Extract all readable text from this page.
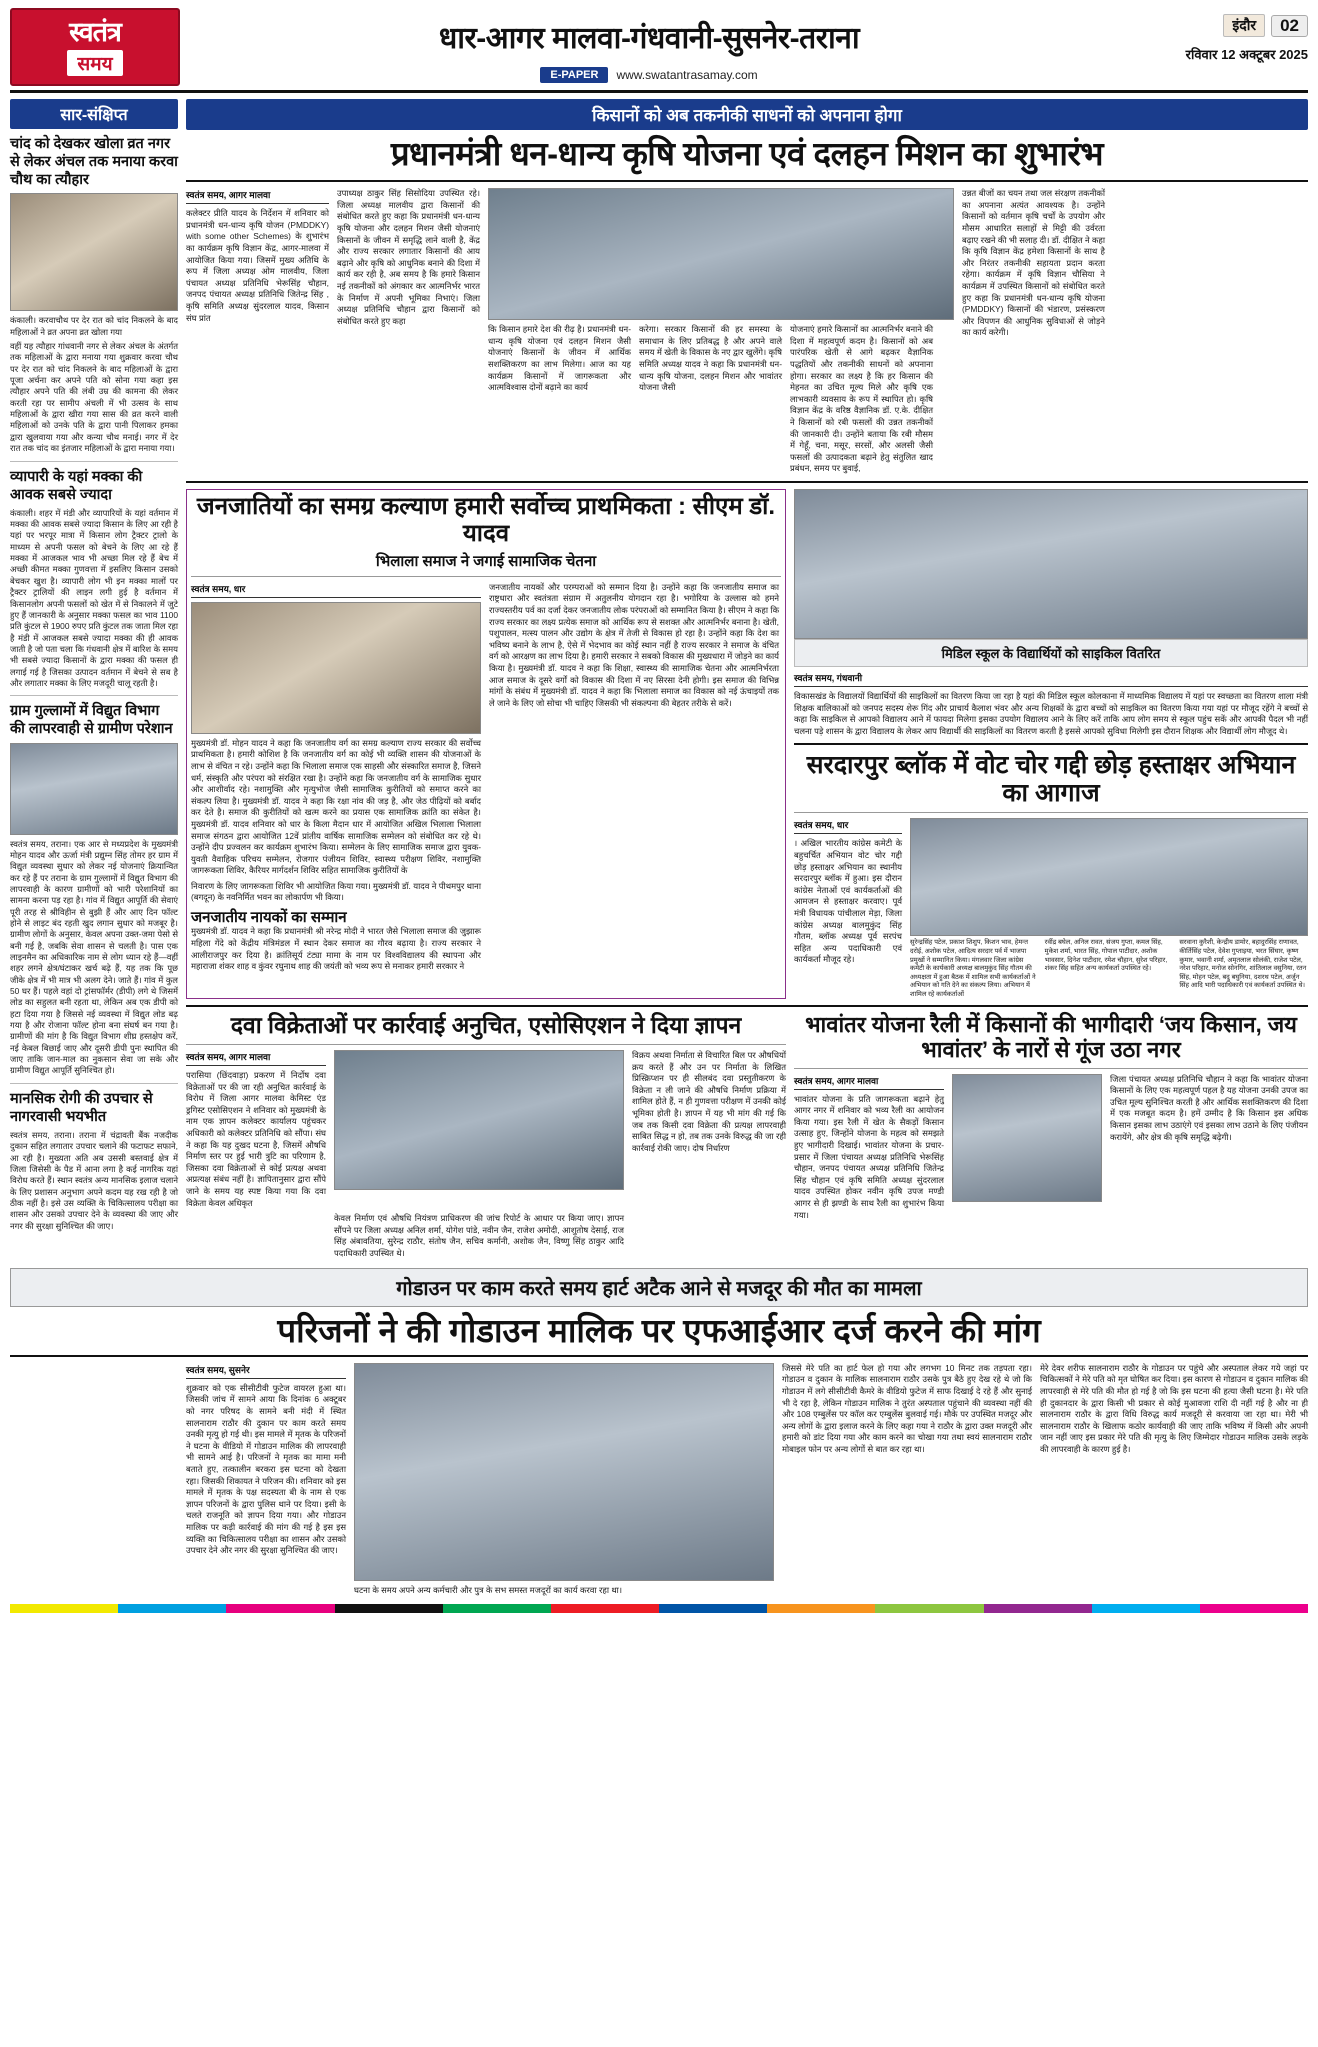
स्वतंत्र
समय
धार-आगर मालवा-गंधवानी-सुसनेर-तराना
E-PAPER	www.swatantrasamay.com
इंदौर	02
रविवार 12 अक्टूबर 2025
सार-संक्षिप्त
चांद को देखकर खोला व्रत नगर से लेकर अंचल तक मनाया करवा चौथ का त्यौहार
कंकाली। करवाचौथ पर देर रात को चांद निकलने के बाद महिलाओं ने व्रत अपना व्रत खोला गया
वहीं यह त्यौहार गांधवानी नगर से लेकर अंचल के अंतर्गत तक महिलाओं के द्वारा मनाया गया शुक्रवार करवा चौथ पर देर रात को चांद निकलने के बाद महिलाओं के द्वारा पूजा अर्चना कर अपने पति को सोना गया कहा इस त्यौहार अपने पति की लंबी उम्र की कामना की लेकर करती रहा पर सामीप अंचली में भी उत्सव के साथ महिलाओं के द्वारा खीरा गया सास की व्रत करने वाली महिलाओं को उनके पति के द्वारा पानी पिलाकर हमका द्वारा खुलवाया गया और कन्या चौथ मनाई। नगर में देर रात तक चांद का इंतजार महिलाओं के द्वारा मनाया गया।
व्यापारी के यहां मक्का की आवक सबसे ज्यादा
कंकाली। शहर में मंडी और व्यापारियों के यहां वर्तमान में मक्का की आवक सबसे ज्यादा किसान के लिए आ रही है यहां पर भरपूर मात्रा में किसान लोग ट्रैक्टर ट्रालो के माध्यम से अपनी फसल को बेचने के लिए आ रहे हैं मक्का में आजकल भाव भी अच्छा मिल रहे हैं बेच में अच्छी कीमत मक्का गुणवत्ता में इसलिए किसान उसको बेचकर खुश है। व्यापारी लोग भी इन मक्का मालों पर ट्रैक्टर ट्रालियों की लाइन लगी हुई है वर्तमान में किसानलोग अपनी फसलों को खेत में से निकालने में जुटे हुए हैं जानकारी के अनुसार मक्का फसल का भाव 1100 प्रति कुंटल से 1900 रुपए प्रति कुंटल तक जाता मिल रहा है मंडी में आजकल सबसे ज्यादा मक्का की ही आवक जाती है जो पता चला कि गंधवानी क्षेत्र में बारिश के समय भी सबसे ज्यादा किसानों के द्वारा मक्का की फसल ही लगाई गई है जिसका उत्पादन वर्तमान में बेचने से सब है और लगातार मक्का के लिए मजदूरी चालू रहती है।
ग्राम गुल्लामों में विद्युत विभाग की लापरवाही से ग्रामीण परेशान
स्वतंत्र समय, तराना। एक आर से मध्यप्रदेश के मुख्यमंत्री मोहन यादव और ऊर्जा मंत्री प्रद्युम्न सिंह तोमर हर ग्राम में विद्युत व्यवस्था सुधार को लेकर नई योजनाएं क्रियान्वित कर रहे हैं पर तराना के ग्राम गुल्लामों में विद्युत विभाग की लापरवाही के कारण ग्रामीणों को भारी परेशानियों का सामना करना पड़ रहा है। गांव में विद्युत आपूर्ति की सेवाएं पूरी तरह से श्रीविहीन से बुझी हैं और आए दिन फॉल्ट होने से लाइट बंद रहती खुद लगान सुधार को मजबूर है। ग्रामीण लोगों के अनुसार, केवल अपना उक्त-जमा पेसो से बनी गई है, जबकि सेवा शासन से चलती है। पास एक लाइनमैन का अधिकारिक नाम से लोग ध्यान रहे हैं—वहीं शहर लगने क्षेत्र/घंटाकर खर्च बढ़े हैं, यह तक कि पूछ जीके क्षेत्र में भी मात्र भी अलग देने। जाते हैं। गांव में कुल 50 घर हैं। पहले वहां दो ट्रांसफॉर्मर (डीपी) लगे थे जिसमें लोड का सहुलत बनी रहता था, लेकिन अब एक डीपी को हटा दिया गया है जिससे नई व्यवस्था में विद्युत लोड बढ़ गया है और रोजाना फॉल्ट होना बना संघर्ष बन गया है। ग्रामीणों की मांग है कि विद्युत विभाग शीघ्र हस्तक्षेप करें, नई केबल बिछाई जाए और दूसरी डीपी पुनः स्थापित की जाए ताकि जान-माल का नुकसान सेवा जा सके और ग्रामीण विद्युत आपूर्ति सुनिश्चित हो।
मानसिक रोगी की उपचार से नागरवासी भयभीत
स्वतंत्र समय, तराना। तराना में चंद्रावती बैंक नजदीक दुकान सहित लगातार उपचार चलाने की फटाफट सफाने, आ रही है। मुख्यता अति अब उससी बस्तवाई क्षेत्र में जिला जिसेसी के पैड में आना लगा है कई नागरिक यहां विरोध करते हैं। स्थान स्वतंत्र अन्य मानसिक इलाज चलाने के लिए प्रशासन अनुभाग अपने कदम यह रख रही है जो ठीक नहीं है। इसे उस व्यक्ति के चिकित्सालय परीक्षा का शासन और उसको उपचार देने के व्यवस्था की जाए और नगर की सुरक्षा सुनिश्चित की जाए।
किसानों को अब तकनीकी साधनों को अपनाना होगा
प्रधानमंत्री धन-धान्य कृषि योजना एवं दलहन मिशन का शुभारंभ
स्वतंत्र समय, आगर मालवा
कलेक्टर प्रीति यादव के निर्देशन में शनिवार को प्रधानमंत्री धन-धान्य कृषि योजन (PMDDKY) with some other Schemes) के शुभारंभ का कार्यक्रम कृषि विज्ञान केंद्र, आगर-मालवा में आयोजित किया गया। जिसमें मुख्य अतिथि के रूप में जिला अध्यक्ष ओम मालवीय, जिला पंचायत अध्यक्ष प्रतिनिधि भेरूसिंह चौहान, जनपद पंचायत अध्यक्ष प्रतिनिधि जितेन्द्र सिंह , कृषि समिति अध्यक्ष सुंदरलाल यादव, किसान संघ प्रांत
उपाध्यक्ष ठाकुर सिंह सिसोदिया उपस्थित रहे। जिला अध्यक्ष मालवीय द्वारा किसानों की संबोधित करते हुए कहा कि प्रधानमंत्री धन-धान्य कृषि योजना और दलहन मिशन जैसी योजनाएं किसानों के जीवन में समृद्धि लाने वाली है, केंद्र और राज्य सरकार लगातार किसानों की आय बढ़ाने और कृषि को आधुनिक बनाने की दिशा में कार्य कर रही है, अब समय है कि हमारे किसान नई तकनीकों को अंगकार कर आत्मनिर्भर भारत के निर्माण में अपनी भूमिका निभाएं। जिला अध्यक्ष प्रतिनिधि चौहान द्वारा किसानों को संबोधित करते हुए कहा
कि किसान हमारे देश की रीढ़ है। प्रधानमंत्री धन-धान्य कृषि योजना एवं दलहन मिशन जैसी योजनाएं किसानों के जीवन में आर्थिक सशक्तिकरण का लाभ मिलेगा। आज का यह कार्यक्रम किसानों में जागरूकता और आत्मविश्वास दोनों बढ़ाने का कार्य
करेगा। सरकार किसानों की हर समस्या के समाधान के लिए प्रतिबद्ध है और अपने वाले समय में खेती के विकास के नए द्वार खुलेंगे। कृषि समिति अध्यक्ष यादव ने कहा कि प्रधानमंत्री धन-धान्य कृषि योजना, दलहन मिशन और भावांतर योजना जैसी
योजनाएं हमारे किसानों का आत्मनिर्भर बनाने की दिशा में महत्वपूर्ण कदम है। किसानों को अब पारंपरिक खेती से आगे बढ़कर वैज्ञानिक पद्धतियों और तकनीकी साधनों को अपनाना होगा। सरकार का लक्ष्य है कि हर किसान की मेहनत का उचित मूल्य मिले और कृषि एक लाभकारी व्यवसाय के रूप में स्थापित हो। कृषि विज्ञान केंद्र के वरिष्ठ वैज्ञानिक डॉ. ए.के. दीक्षित ने किसानों को रबी फसलों की उन्नत तकनीकों की जानकारी दी। उन्होंने बताया कि रबी मौसम में गेहूँ, चना, मसूर, सरसों, और अलसी जैसी फसलों की उत्पादकता बढ़ाने हेतु संतुलित खाद प्रबंधन, समय पर बुवाई,
उन्नत बीजों का चयन तथा जल संरक्षण तकनीकों का अपनाना अत्यंत आवश्यक है। उन्होंने किसानों को वर्तमान कृषि चर्चों के उपयोग और मौसम आधारित सलाहों से मिट्टी की उर्वरता बढ़ाए रखने की भी सलाह दी। डॉ. दीक्षित ने कहा कि कृषि विज्ञान केंद्र हमेशा किसानों के साथ है और निरंतर तकनीकी सहायता प्रदान करता रहेगा। कार्यक्रम में कृषि विज्ञान चौसिया ने कार्यक्रम में उपस्थित किसानों को संबोधित करते हुए कहा कि प्रधानमंत्री धन-धान्य कृषि योजना (PMDDKY) किसानों की भंडारण, प्रसंस्करण और विपणन की आधुनिक सुविधाओं से जोड़ने का कार्य करेगी।
जनजातियों का समग्र कल्याण हमारी सर्वोच्च प्राथमिकता : सीएम डॉ. यादव
भिलाला समाज ने जगाई सामाजिक चेतना
स्वतंत्र समय, धार
मुख्यमंत्री डॉ. मोहन यादव ने कहा कि जनजातीय वर्ग का समग्र कल्याण राज्य सरकार की सर्वोच्च प्राथमिकता है। हमारी कोशिश है कि जनजातीय वर्ग का कोई भी व्यक्ति शासन की योजनाओं के लाभ से वंचित न रहे। उन्होंने कहा कि भिलाला समाज एक साहसी और संस्कारित समाज है, जिसने धर्म, संस्कृति और परंपरा को संरक्षित रखा है। उन्होंने कहा कि जनजातीय वर्ग के सामाजिक सुधार और आशीर्वाद रहे। नशामुक्ति और मृत्युभोज जैसी सामाजिक कुरीतियों को समाप्त करने का संकल्प लिया है। मुख्यमंत्री डॉ. यादव ने कहा कि रक्षा नांव की जड़ है, और जेठ पीढ़ियों को बर्बाद कर देते है। समाज की कुरीतियों को खत्म करने का प्रयास एक सामाजिक क्रांति का संकेत है। मुख्यमंत्री डॉ. यादव शनिवार को धार के किला मैदान धार में आयोजित अखिल भिलाला भिलाला समाज संगठन द्वारा आयोजित 12वें प्रांतीय वार्षिक सामाजिक सम्मेलन को संबोधित कर रहे थे। उन्होंने दीप प्रज्वलन कर कार्यक्रम शुभारंभ किया। सम्मेलन के लिए सामाजिक समाज द्वारा युवक-युवती वैवाहिक परिचय सम्मेलन, रोजगार पंजीयन शिविर, स्वास्थ्य परीक्षण शिविर, नशामुक्ति जागरूकता शिविर, कैरियर मार्गदर्शन शिविर सहित सामाजिक कुरीतियों के
निवारण के लिए जागरूकता शिविर भी आयोजित किया गया। मुख्यमंत्री डॉ. यादव ने पीथमपुर थाना (बगदून) के नवनिर्मित भवन का लोकार्पण भी किया।
जनजातीय नायकों का सम्मान
मुख्यमंत्री डॉ. यादव ने कहा कि प्रधानमंत्री श्री नरेन्द्र मोदी ने भारत जैसे भिलाला समाज की जुझारू महिला गेंदे को केंद्रीय मंत्रिमंडल में स्थान देकर समाज का गौरव बढ़ाया है। राज्य सरकार ने आलीराजपुर कर दिया है। क्रांतिसूर्य टंट्या मामा के नाम पर विश्वविद्यालय की स्थापना और महाराजा शंकर शाह व कुंवर रघुनाथ शाह की जयंती को भव्य रूप से मनाकर हमारी सरकार ने
जनजातीय नायकों और परम्पराओं को सम्मान दिया है। उन्होंने कहा कि जनजातीय समाज का राष्ट्रधारा और स्वतंत्रता संग्राम में अतुलनीय योगदान रहा है। भगोरिया के उल्लास को हमने राज्यस्तरीय पर्व का दर्जा देकर जनजातीय लोक परंपराओं को सम्मानित किया है। सीएम ने कहा कि राज्य सरकार का लक्ष्य प्रत्येक समाज को आर्थिक रूप से सशक्त और आत्मनिर्भर बनाना है। खेती, पशुपालन, मत्स्य पालन और उद्योग के क्षेत्र में तेजी से विकास हो रहा है। उन्होंने कहा कि देश का भविष्य बनाने के लाभ है, ऐसे में भेदभाव का कोई स्थान नहीं है राज्य सरकार ने समाज के वंचित वर्ग को आरक्षण का लाभ दिया है। हमारी सरकार ने सबको विकास की मुख्यधारा में जोड़ने का कार्य किया है। मुख्यमंत्री डॉ. यादव ने कहा कि शिक्षा, स्वास्थ्य की सामाजिक चेतना और आत्मनिर्भरता आज समाज के दूसरे वर्गों को विकास की दिशा में नए सिरसा देनी होगी। इस समाज की विभिन्न मांगों के संबंध में मुख्यमंत्री डॉ. यादव ने कहा कि भिलाला समाज का विकास को नई ऊंचाइयों तक ले जाने के लिए जो सोचा भी चाहिए जिसकी भी संकल्पना की बेहतर तरीके से करें।
मिडिल स्कूल के विद्यार्थियों को साइकिल वितरित
स्वतंत्र समय, गंधवानी
विकासखंड के विद्यालयों विद्यार्थियों की साइकिलों का वितरण किया जा रहा है यहां की मिडिल स्कूल कोलकाना में माध्यमिक विद्यालय में यहां पर स्वच्छता का वितरण शाला मंत्री शिक्षक बालिकाओं को जनपद सदस्य शेरू गिंद और प्राचार्य कैलाश भंवर और अन्य शिक्षकों के द्वारा बच्चों को साइकिल का वितरण किया गया यहां पर मौजूद रहेंगे ने बच्चों से कहा कि साइकिल से आपको विद्यालय आने में फायदा मिलेगा इसका उपयोग विद्यालय आने के लिए करें ताकि आप लोग समय से स्कूल पहुंच सकें और आपकी पैदल भी नहीं चलना पड़े शासन के द्वारा विद्यालय के लेकर आप विद्यार्थी की साइकिलों का वितरण करती है इससे आपको सुविधा मिलेगी इस दौरान शिक्षक और विद्यार्थी लोग मौजूद थे।
सरदारपुर ब्लॉक में वोट चोर गद्दी छोड़ हस्ताक्षर अभियान का आगाज
स्वतंत्र समय, धार
। अखिल भारतीय कांग्रेस कमेटी के बहुचर्चित अभियान वोट चोर गद्दी छोड़ हस्ताक्षर अभियान का स्थानीय सरदारपुर ब्लॉक में हुआ। इस दौरान कांग्रेस नेताओं एवं कार्यकर्ताओं की आमजन से हस्ताक्षर करवाए। पूर्व मंत्री विधायक पांचीलाल मेड़ा, जिला कांग्रेस अध्यक्ष बालमुकुंद सिंह गौतम, ब्लॉक अध्यक्ष पूर्व सरपंच सहित अन्य पदाधिकारी एवं कार्यकर्ता मौजूद रहे।
सुरेन्द्रसिंह पटेल, प्रकाश शिशुप, किशन भाव, हेमन्त दरोई, अशोक पटेल, आदित्य सरदार पर्व में भाजपा प्रमुखों ने सम्मानित किया। मंगलवार जिला कांग्रेस कमेटी के कार्यकारी अध्यक्ष बालमुकुंद सिंह गौतम की अध्यक्षता में हुआ बैठक में शामिल सभी कार्यकर्ताओं ने अभियान को गति देने का संकल्प लिया। अभियान में शामिल रहे कार्यकर्ताओं
रवींद्र बघेल, अनिल रावत, संजय गुप्ता, कमल सिंह, मुकेश शर्मा, भारत सिंह, गोपाल पाटीदार, अशोक भावसार, दिनेश पाटीदार, रमेश चौहान, सुरेश परिहार, शंकर सिंह सहित अन्य कार्यकर्ता उपस्थित रहे।
सरवाना कुरैशी, केन्द्रीय डामोर, बहादुरसिंह राणावत, कीर्तिसिंह पटेल, देवेश गुप्ताइया, भरत सिंघार, कृष्ण कुमार, भवानी शर्मा, अमृतलाल सोलंकी, राजेश पटेल, नरेश परिहार, मनोज सोनगिर, शांतिलाल वसुनिया, रतन सिंह, मोहन पटेल, बदु बघुनिया, दशरथ पटेल, अर्जुन सिंह आदि भारी पदाधिकारी एवं कार्यकर्ता उपस्थित थे।
दवा विक्रेताओं पर कार्रवाई अनुचित, एसोसिएशन ने दिया ज्ञापन
स्वतंत्र समय, आगर मालवा
परासिया (छिंदवाड़ा) प्रकरण में निर्दोष दवा विक्रेताओं पर की जा रही अनुचित कार्रवाई के विरोध में जिला आगर मालवा केमिस्ट एंड ड्रगिस्ट एसोसिएशन ने शनिवार को मुख्यमंत्री के नाम एक ज्ञापन कलेक्टर कार्यालय पहुंचकर अधिकारी को कलेक्टर प्रतिनिधि को सौंपा। संघ ने कहा कि यह दुखद घटना है, जिसमें औषधि निर्माण स्तर पर हुई भारी त्रुटि का परिणाम है, जिसका दवा विक्रेताओं से कोई प्रत्यक्ष अथवा अप्रत्यक्ष संबंध नहीं है। ज्ञापितानुसार द्वारा सौंपे जाने के समय यह स्पष्ट किया गया कि दवा विक्रेता केवल अधिकृत
विक्रय अथवा निर्माता से विचारित बिल पर औषधियों क्रय करते हैं और उन पर निर्माता के लिखित प्रिस्क्रिप्शन पर ही सीलबंद दवा प्रस्तुतीकरण के विक्रेता न ली जाने की औषधि निर्माण प्रक्रिया में शामिल होते हैं, न ही गुणवत्ता परीक्षण में उनकी कोई भूमिका होती है। ज्ञापन में यह भी मांग की गई कि जब तक किसी दवा विक्रेता की प्रत्यक्ष लापरवाही साबित सिद्ध न हो, तब तक उनके विरुद्ध की जा रही कार्रवाई रोकी जाए। दोष निर्धारण
केवल निर्माण एवं औषधि नियंत्रण प्राधिकरण की जांच रिपोर्ट के आधार पर किया जाए। ज्ञापन सौंपने पर जिला अध्यक्ष अनिल शर्मा, योगेश पांडे, नवीन जैन, राजेश अमोदी, आशुतोष देसाई, राज सिंह अंबावतिया, सुरेन्द्र राठौर, संतोष जैन, सचिव कर्मानी, अशोक जैन, विष्णु सिंह ठाकुर आदि पदाधिकारी उपस्थित थे।
भावांतर योजना रैली में किसानों की भागीदारी ‘जय किसान, जय भावांतर’ के नारों से गूंज उठा नगर
स्वतंत्र समय, आगर मालवा
भावांतर योजना के प्रति जागरूकता बढ़ाने हेतु आगर नगर में शनिवार को भव्य रैली का आयोजन किया गया। इस रैली में खेत के सैकड़ों किसान उत्साह हुए, जिन्होंने योजना के महत्व को समझते हुए भागीदारी दिखाई। भावांतर योजना के प्रचार-प्रसार में जिला पंचायत अध्यक्ष प्रतिनिधि भेरूसिंह चौहान, जनपद पंचायत अध्यक्ष प्रतिनिधि जितेन्द्र सिंह चौहान एवं कृषि समिति अध्यक्ष सुंदरलाल यादव उपस्थित होकर नवीन कृषि उपज मण्डी आगर से ही झण्डी के साथ रैली का शुभारंभ किया गया।
जिला पंचायत अध्यक्ष प्रतिनिधि चौहान ने कहा कि भावांतर योजना किसानों के लिए एक महत्वपूर्ण पहल है यह योजना उनकी उपज का उचित मूल्य सुनिश्चित करती है और आर्थिक सशक्तिकरण की दिशा में एक मजबूत कदम है। हमें उम्मीद है कि किसान इस अधिक किसान इसका लाभ उठाएंगे एवं इसका लाभ उठाने के लिए पंजीयन करायेंगे, और क्षेत्र की कृषि समृद्धि बढ़ेगी।
गोडाउन पर काम करते समय हार्ट अटैक आने से मजदूर की मौत का मामला
परिजनों ने की गोडाउन मालिक पर एफआईआर दर्ज करने की मांग
स्वतंत्र समय, सुसनेर
शुक्रवार को एक सीसीटीवी फुटेज वायरल हुआ था। जिसकी जांच में सामने आया कि दिनांक 6 अक्टूबर को नगर परिषद के सामने बनी मंदी में स्थित सालनाराम राठौर की दुकान पर काम करते समय उनकी मृत्यु हो गई थी। इस मामले में मृतक के परिजनों ने घटना के वीडियो में गोडाउन मालिक की लापरवाही भी सामने आई है। परिजनों ने मृतक का मामा मनी बताते हुए, तत्कालीन बरकरा इस घटना को देखता रहा। जिसकी शिकायत ने परिजन की। शनिवार को इस मामले में मृतक के पक्ष सदस्यता बी के नाम से एक ज्ञापन परिजनों के द्वारा पुलिस थाने पर दिया। इसी के चलते राजनूति को ज्ञापन दिया गया। और गोडाउन मालिक पर कड़ी कार्रवाई की मांग की गई है इस इस व्यक्ति का चिकित्सालय परीक्षा का शासन और उसको उपचार देने और नगर की सुरक्षा सुनिश्चित की जाए।
घटना के समय अपने अन्य कर्मचारी और पुत्र के सभ समस्त मजदूरों का कार्य करवा रहा था।
जिससे मेरे पति का हार्ट फेल हो गया और लगभग 10 मिनट तक तड़पता रहा। गोडाउन व दुकान के मालिक सालनाराम राठौर उसके पुत्र बैठे हुए देख रहे थे जो कि गोडाउन में लगे सीसीटीवी कैमरे के वीडियो फुटेज में साफ दिखाई दे रहे हैं और सुनाई भी दे रहा है, लेकिन गोडाउन मालिक ने तुरंत अस्पताल पहुंचाने की व्यवस्था नहीं की और 108 एम्बुलेंस पर कॉल कर एम्बुलेंस बुलवाई गई। मौके पर उपस्थित मजदूर और अन्य लोगों के द्वारा इलाज करने के लिए कहा गया ने राठौर के द्वारा उक्त मजदूरी और हमारी को डांट दिया गया और काम करने का चोखा गया तथा स्वयं सालनाराम राठौर मोबाइल फोन पर अन्य लोगों से बात कर रहा था।
मेरे देवर शरीफ सालनाराम राठौर के गोडाउन पर पहुंचे और अस्पताल लेकर गये जहां पर चिकित्सकों ने मेरे पति को मृत घोषित कर दिया। इस कारण से गोडाउन व दुकान मालिक की लापरवाही से मेरे पति की मौत हो गई है जो कि इस घटना की हत्या जैसी घटना है। मेरे पति ही दुकानदार के द्वारा किसी भी प्रकार से कोई मुआवजा राशि दी नहीं गई है और ना ही सालनाराम राठौर के द्वारा विधि विरुद्ध कार्य मजदूरी से करवाया जा रहा था। मेरी भी सालनाराम राठौर के खिलाफ कठोर कार्यवाही की जाए ताकि भविष्य में किसी और अपनी जान नहीं जाए इस प्रकार मेरे पति की मृत्यु के लिए जिम्मेदार गोडाउन मालिक उसके लड़के की लापरवाही के कारण हुई है।
